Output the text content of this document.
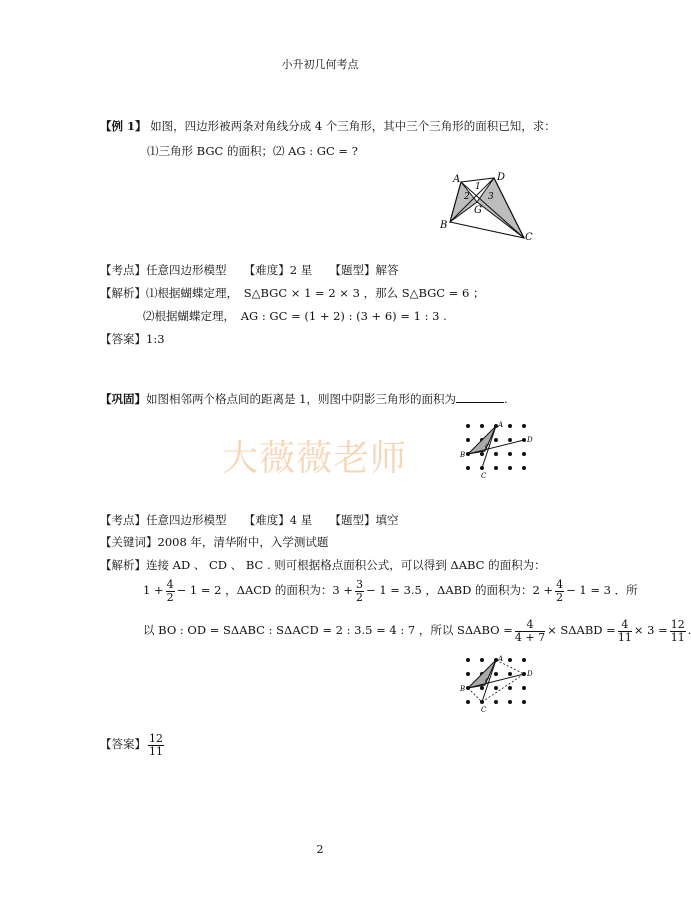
小升初几何考点
【例 1】 如图，四边形被两条对角线分成 4 个三角形，其中三个三角形的面积已知，求：
⑴三角形 BGC 的面积；⑵ AG : GC = ?
A	D
B
C
G
1
2 3
【考点】任意四边形模型　　【难度】2 星　　【题型】解答
【解析】⑴根据蝴蝶定理，　S△BGC × 1 = 2 × 3 ，那么 S△BGC = 6 ；
⑵根据蝴蝶定理，　AG : GC = (1 + 2) : (3 + 6) = 1 : 3 .
【答案】1:3
【巩固】如图相邻两个格点间的距离是 1，则图中阴影三角形的面积为	.
大薇薇老师
A
B
C
D
O
【考点】任意四边形模型　　【难度】4 星　　【题型】填空
【关键词】2008 年，清华附中，入学测试题
【解析】连接 AD 、 CD 、 BC . 则可根据格点面积公式，可以得到 ΔABC 的面积为：
$1 + \frac{4}{2} - 1 = 2$ ，ΔACD 的面积为：$3 + \frac{3}{2} - 1 = 3.5$ ，ΔABD 的面积为：$2 + \frac{4}{2} - 1 = 3$ ．所
以 BO : OD = SΔABC : SΔACD = 2 : 3.5 = 4 : 7 ，所以 $S\Delta ABO = \frac{4}{4 + 7} \times S\Delta ABD = \frac{4}{11} \times 3 = \frac{12}{11}$
A
B
C
D
O
【答案】 $\frac{12}{11}$
2
